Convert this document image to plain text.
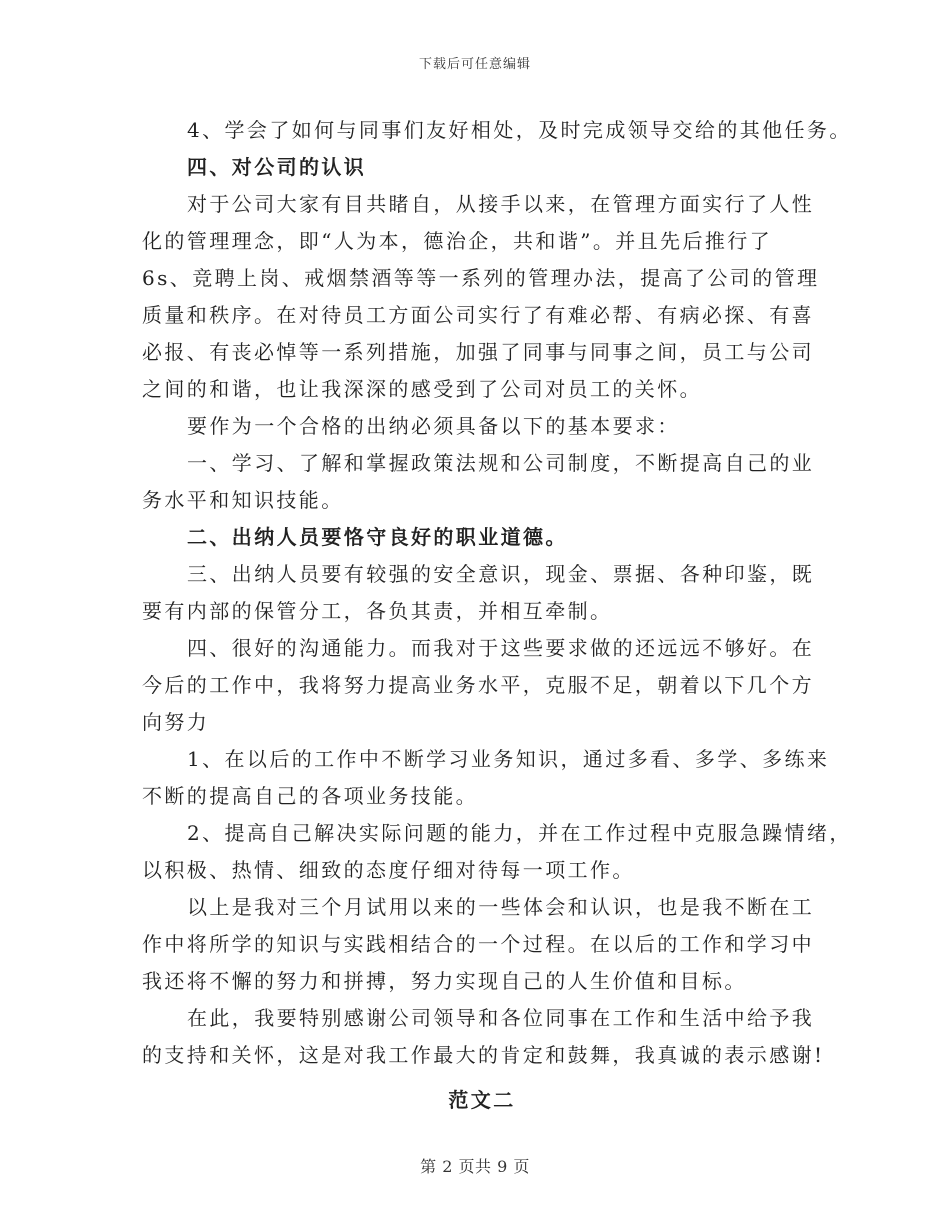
下载后可任意编辑
4、学会了如何与同事们友好相处，及时完成领导交给的其他任务。
四、对公司的认识
对于公司大家有目共睹自，从接手以来，在管理方面实行了人性
化的管理理念，即“人为本，德治企，共和谐”。并且先后推行了
6s、竞聘上岗、戒烟禁酒等等一系列的管理办法，提高了公司的管理
质量和秩序。在对待员工方面公司实行了有难必帮、有病必探、有喜
必报、有丧必悼等一系列措施，加强了同事与同事之间，员工与公司
之间的和谐，也让我深深的感受到了公司对员工的关怀。
要作为一个合格的出纳必须具备以下的基本要求：
一、学习、了解和掌握政策法规和公司制度，不断提高自己的业
务水平和知识技能。
二、出纳人员要恪守良好的职业道德。
三、出纳人员要有较强的安全意识，现金、票据、各种印鉴，既
要有内部的保管分工，各负其责，并相互牵制。
四、很好的沟通能力。而我对于这些要求做的还远远不够好。在
今后的工作中，我将努力提高业务水平，克服不足，朝着以下几个方
向努力
1、在以后的工作中不断学习业务知识，通过多看、多学、多练来
不断的提高自己的各项业务技能。
2、提高自己解决实际问题的能力，并在工作过程中克服急躁情绪，
以积极、热情、细致的态度仔细对待每一项工作。
以上是我对三个月试用以来的一些体会和认识，也是我不断在工
作中将所学的知识与实践相结合的一个过程。在以后的工作和学习中
我还将不懈的努力和拼搏，努力实现自己的人生价值和目标。
在此，我要特别感谢公司领导和各位同事在工作和生活中给予我
的支持和关怀，这是对我工作最大的肯定和鼓舞，我真诚的表示感谢!
范文二
第 2 页共 9 页
